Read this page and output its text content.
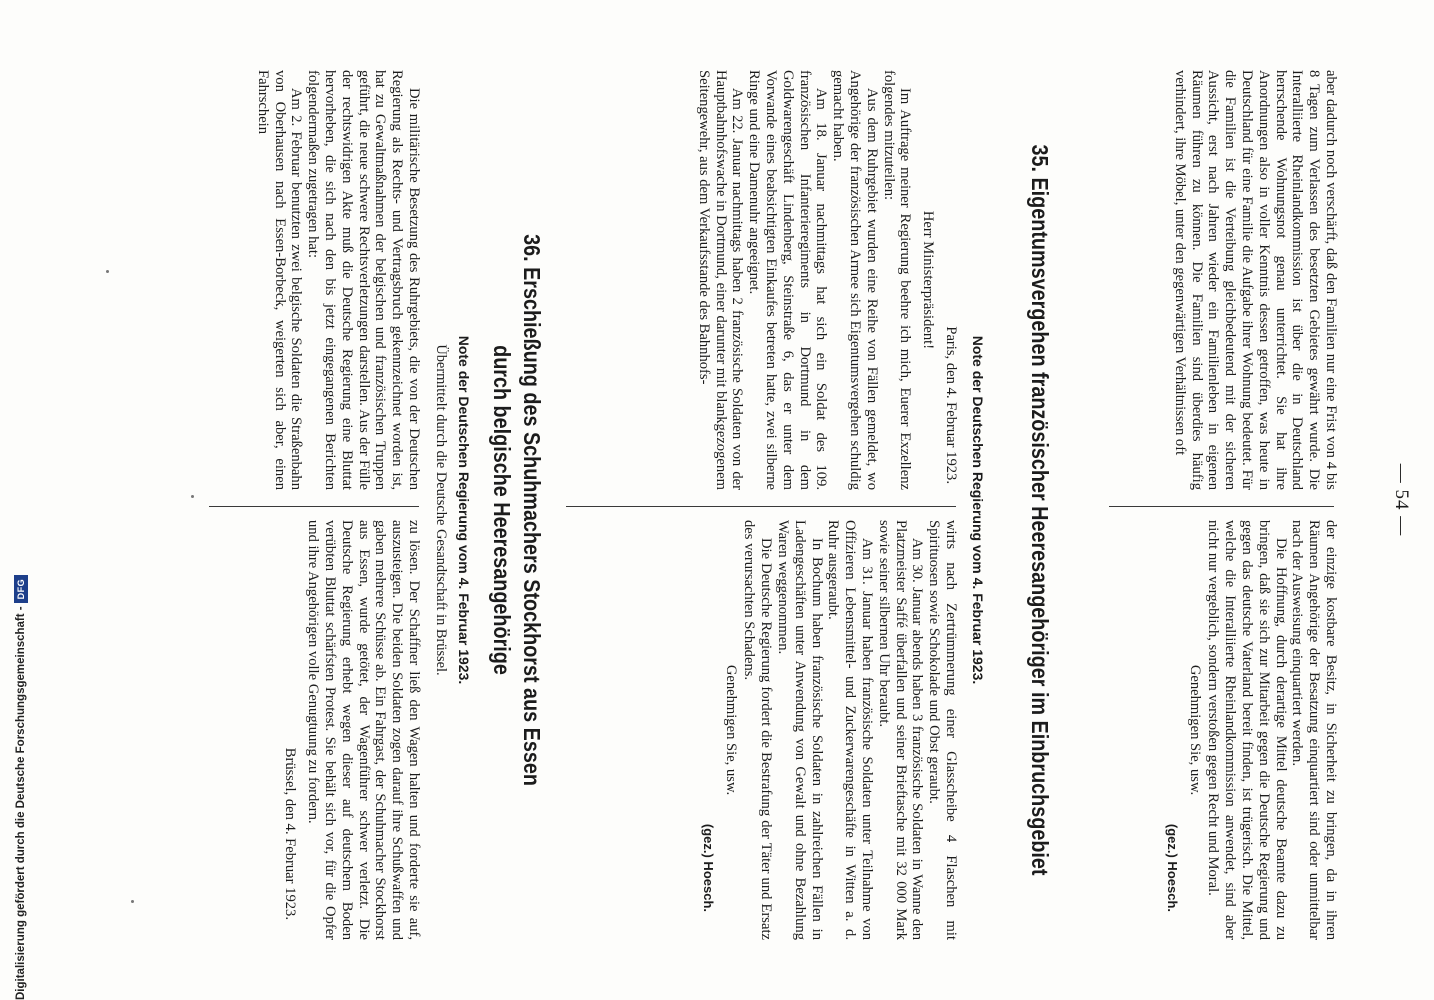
— 54 —

aber dadurch noch verschärft, daß den Familien nur eine Frist von 4 bis 8 Tagen zum Verlassen des besetzten Gebietes gewährt wurde. Die Interalliierte Rheinlandkommission ist über die in Deutschland herrschende Wohnungsnot genau unterrichtet. Sie hat ihre Anordnungen also in voller Kenntnis dessen getroffen, was heute in Deutschland für eine Familie die Aufgabe ihrer Wohnung bedeutet. Für die Familien ist die Verteibung gleichbedeutend mit der sicheren Aussicht, erst nach Jahren wieder ein Familienleben in eigenen Räumen führen zu können. Die Familien sind überdies häufig verhindert, ihre Möbel, unter den gegenwärtigen Verhältnissen oft

der einzige kostbare Besitz, in Sicherheit zu bringen, da in ihren Räumen Angehörige der Besatzung einquartiert sind oder unmittelbar nach der Ausweisung einquartiert werden.

Die Hoffnung, durch derartige Mittel deutsche Beamte dazu zu bringen, daß sie sich zur Mitarbeit gegen die Deutsche Regierung und gegen das deutsche Vaterland bereit finden, ist trügerisch. Die Mittel, welche die Interalliierte Rheinlandkommission anwendet, sind aber nicht nur vergeblich, sondern verstoßen gegen Recht und Moral.

Genehmigen Sie, usw.

(gez.) Hoesch.
35. Eigentumsvergehen französischer Heeresangehöriger im Einbruchsgebiet
Note der Deutschen Regierung vom 4. Februar 1923.

Paris, den 4. Februar 1923.

Herr Ministerpräsident!

Im Auftrage meiner Regierung beehre ich mich, Euerer Exzellenz folgendes mitzuteilen:

Aus dem Ruhrgebiet wurden eine Reihe von Fällen gemeldet, wo Angehörige der französischen Armee sich Eigentumsvergehen schuldig gemacht haben.

Am 18. Januar nachmittags hat sich ein Soldat des 109. französischen Infanterieregiments in Dortmund in dem Goldwarengeschäft Lindenberg, Steinstraße 6, das er unter dem Vorwande eines beabsichtigten Einkaufes betreten hatte, zwei silberne Ringe und eine Damenuhr angeeignet.

Am 22. Januar nachmittags haben 2 französische Soldaten von der Hauptbahnhofswache in Dortmund, einer darunter mit blankgezogenem Seitengewehr, aus dem Verkaufsstande des Bahnhofs-

wirts nach Zertrümmerung einer Glasscheibe 4 Flaschen mit Spirituosen sowie Schokolade und Obst geraubt.

Am 30. Januar abends haben 3 französische Soldaten in Wanne den Platzmeister Saffé überfallen und seiner Brieftasche mit 32 000 Mark sowie seiner silbernen Uhr beraubt.

Am 31. Januar haben französische Soldaten unter Teilnahme von Offizieren Lebensmittel- und Zuckerwarengeschäfte in Witten a. d. Ruhr ausgeraubt.

In Bochum haben französische Soldaten in zahlreichen Fällen in Ladengeschäften unter Anwendung von Gewalt und ohne Bezahlung Waren weggenommen.

Die Deutsche Regierung fordert die Bestrafung der Täter und Ersatz des verursachten Schadens.

Genehmigen Sie, usw.

(gez.) Hoesch.
36. Erschießung des Schuhmachers Stockhorst aus Essen
durch belgische Heeresangehörige
Note der Deutschen Regierung vom 4. Februar 1923.
Übermittelt durch die Deutsche Gesandtschaft in Brüssel.

Die militärische Besetzung des Ruhrgebiets, die von der Deutschen Regierung als Rechts- und Vertragsbruch gekennzeichnet worden ist, hat zu Gewaltmaßnahmen der belgischen und französischen Truppen geführt, die neue schwere Rechtsverletzungen darstellen. Aus der Fülle der rechtswidrigen Akte muß die Deutsche Regierung eine Bluttat hervorheben, die sich nach den bis jetzt eingegangenen Berichten folgendermaßen zugetragen hat:

Am 2. Februar benutzten zwei belgische Soldaten die Straßenbahn von Oberhausen nach Essen-Borbeck, weigerten sich aber, einen Fahrschein

zu lösen. Der Schaffner ließ den Wagen halten und forderte sie auf, auszusteigen. Die beiden Soldaten zogen darauf ihre Schußwaffen und gaben mehrere Schüsse ab. Ein Fahrgast, der Schuhmacher Stockhorst aus Essen, wurde getötet, der Wagenführer schwer verletzt. Die Deutsche Regierung erhebt wegen dieser auf deutschem Boden verübten Bluttat schärfsten Protest. Sie behält sich vor, für die Opfer und ihre Angehörigen volle Genugtuung zu fordern.

Brüssel, den 4. Februar 1923.

Digitalisierung gefördert durch die Deutsche Forschungsgemeinschaft -DFG
